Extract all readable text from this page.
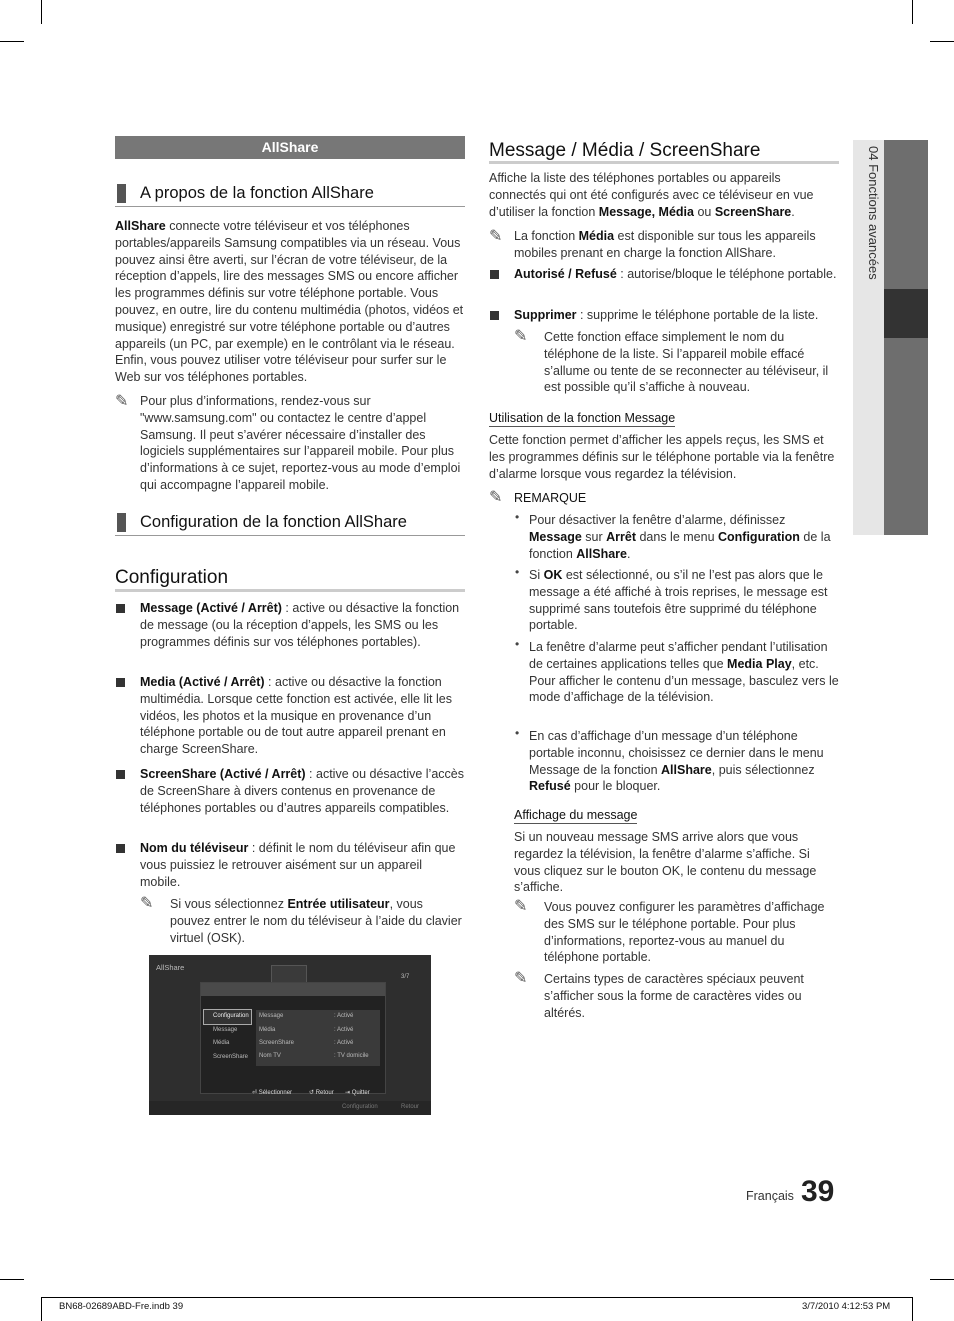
04 Fonctions avancées
AllShare
A propos de la fonction AllShare

AllShare connecte votre téléviseur et vos téléphones portables/appareils Samsung compatibles via un réseau. Vous pouvez ainsi être averti, sur l’écran de votre téléviseur, de la réception d’appels, lire des messages SMS ou encore afficher les programmes définis sur votre téléphone portable. Vous pouvez, en outre, lire du contenu multimédia (photos, vidéos et musique) enregistré sur votre téléphone portable ou d’autres appareils (un PC, par exemple) en le contrôlant via le réseau. Enfin, vous pouvez utiliser votre téléviseur pour surfer sur le Web sur vos téléphones portables.

✎ Pour plus d’informations, rendez-vous sur "www.samsung.com" ou contactez le centre d’appel Samsung. Il peut s’avérer nécessaire d’installer des logiciels supplémentaires sur l’appareil mobile. Pour plus d’informations à ce sujet, reportez-vous au mode d’emploi qui accompagne l’appareil mobile.

Configuration de la fonction AllShare
Configuration

Message (Activé / Arrêt) : active ou désactive la fonction de message (ou la réception d’appels, les SMS ou les programmes définis sur vos téléphones portables).

Media (Activé / Arrêt) : active ou désactive la fonction multimédia. Lorsque cette fonction est activée, elle lit les vidéos, les photos et la musique en provenance d’un téléphone portable ou de tout autre appareil prenant en charge ScreenShare.

ScreenShare (Activé / Arrêt) : active ou désactive l’accès de ScreenShare à divers contenus en provenance de téléphones portables ou d’autres appareils compatibles.

Nom du téléviseur : définit le nom du téléviseur afin que vous puissiez le retrouver aisément sur un appareil mobile.

✎ Si vous sélectionnez Entrée utilisateur, vous pouvez entrer le nom du téléviseur à l’aide du clavier virtuel (OSK).

AllShare
3/7
Configuration
Message
Média
ScreenShare
Message	: Activé
Média	: Activé
ScreenShare	: Activé
Nom TV	: TV domicile
⏎ Sélectionner	↺ Retour ⇥ Quitter
Configuration	Retour
Message / Média / ScreenShare

Affiche la liste des téléphones portables ou appareils connectés qui ont été configurés avec ce téléviseur en vue d’utiliser la fonction Message, Média ou ScreenShare.

✎ La fonction Média est disponible sur tous les appareils mobiles prenant en charge la fonction AllShare.

Autorisé / Refusé : autorise/bloque le téléphone portable.

Supprimer : supprime le téléphone portable de la liste.

✎ Cette fonction efface simplement le nom du téléphone de la liste. Si l’appareil mobile effacé s’allume ou tente de se reconnecter au téléviseur, il est possible qu’il s’affiche à nouveau.

Utilisation de la fonction Message

Cette fonction permet d’afficher les appels reçus, les SMS et les programmes définis sur le téléphone portable via la fenêtre d’alarme lorsque vous regardez la télévision.

✎ REMARQUE

• Pour désactiver la fenêtre d’alarme, définissez Message sur Arrêt dans le menu Configuration de la fonction AllShare.

• Si OK est sélectionné, ou s’il ne l’est pas alors que le message a été affiché à trois reprises, le message est supprimé sans toutefois être supprimé du téléphone portable.

• La fenêtre d’alarme peut s’afficher pendant l’utilisation de certaines applications telles que Media Play, etc. Pour afficher le contenu d’un message, basculez vers le mode d’affichage de la télévision.

• En cas d’affichage d’un message d’un téléphone portable inconnu, choisissez ce dernier dans le menu Message de la fonction AllShare, puis sélectionnez Refusé pour le bloquer.

Affichage du message

Si un nouveau message SMS arrive alors que vous regardez la télévision, la fenêtre d’alarme s’affiche. Si vous cliquez sur le bouton OK, le contenu du message s’affiche.

✎ Vous pouvez configurer les paramètres d’affichage des SMS sur le téléphone portable. Pour plus d’informations, reportez-vous au manuel du téléphone portable.

✎ Certains types de caractères spéciaux peuvent s’afficher sous la forme de caractères vides ou altérés.

Français 39
BN68-02689ABD-Fre.indb 39	3/7/2010 4:12:53 PM
